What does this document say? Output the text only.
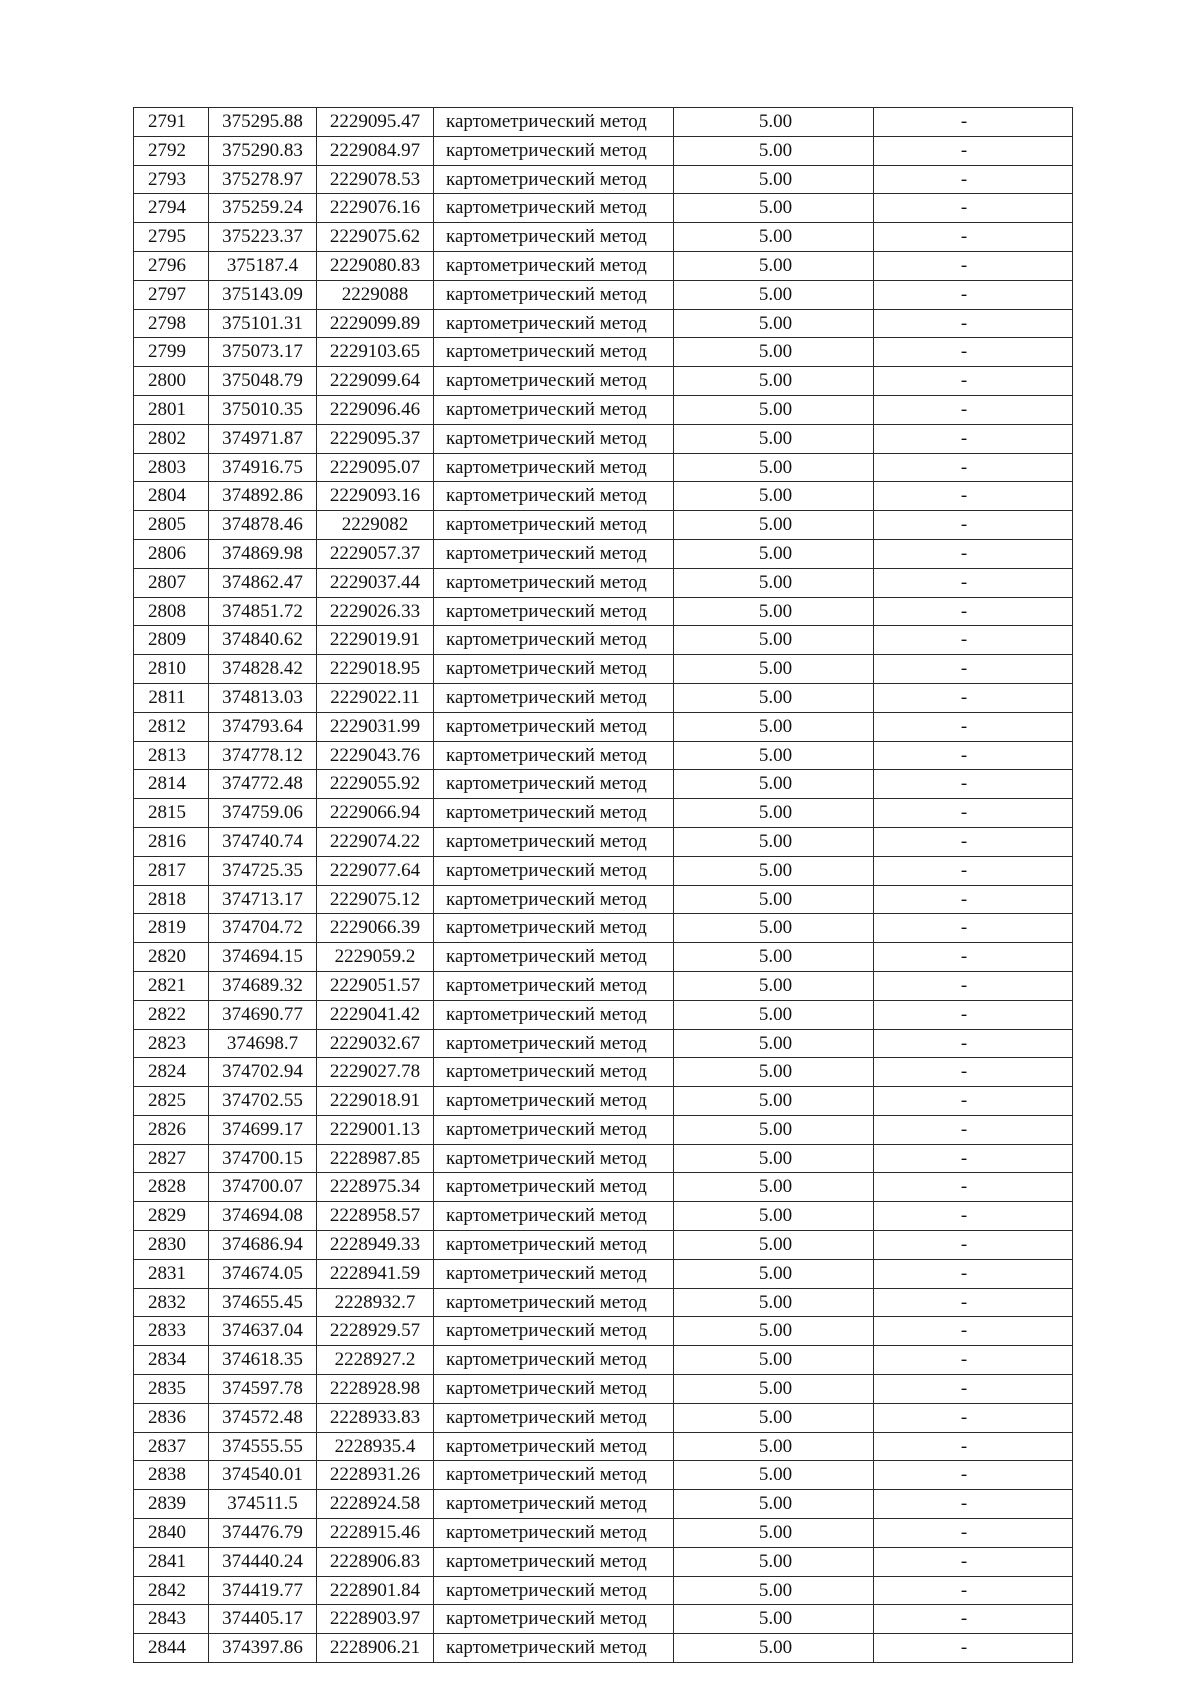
2791	375295.88	2229095.47	картометрический метод	5.00	-
2792	375290.83	2229084.97	картометрический метод	5.00	-
2793	375278.97	2229078.53	картометрический метод	5.00	-
2794	375259.24	2229076.16	картометрический метод	5.00	-
2795	375223.37	2229075.62	картометрический метод	5.00	-
2796	375187.4	2229080.83	картометрический метод	5.00	-
2797	375143.09	2229088	картометрический метод	5.00	-
2798	375101.31	2229099.89	картометрический метод	5.00	-
2799	375073.17	2229103.65	картометрический метод	5.00	-
2800	375048.79	2229099.64	картометрический метод	5.00	-
2801	375010.35	2229096.46	картометрический метод	5.00	-
2802	374971.87	2229095.37	картометрический метод	5.00	-
2803	374916.75	2229095.07	картометрический метод	5.00	-
2804	374892.86	2229093.16	картометрический метод	5.00	-
2805	374878.46	2229082	картометрический метод	5.00	-
2806	374869.98	2229057.37	картометрический метод	5.00	-
2807	374862.47	2229037.44	картометрический метод	5.00	-
2808	374851.72	2229026.33	картометрический метод	5.00	-
2809	374840.62	2229019.91	картометрический метод	5.00	-
2810	374828.42	2229018.95	картометрический метод	5.00	-
2811	374813.03	2229022.11	картометрический метод	5.00	-
2812	374793.64	2229031.99	картометрический метод	5.00	-
2813	374778.12	2229043.76	картометрический метод	5.00	-
2814	374772.48	2229055.92	картометрический метод	5.00	-
2815	374759.06	2229066.94	картометрический метод	5.00	-
2816	374740.74	2229074.22	картометрический метод	5.00	-
2817	374725.35	2229077.64	картометрический метод	5.00	-
2818	374713.17	2229075.12	картометрический метод	5.00	-
2819	374704.72	2229066.39	картометрический метод	5.00	-
2820	374694.15	2229059.2	картометрический метод	5.00	-
2821	374689.32	2229051.57	картометрический метод	5.00	-
2822	374690.77	2229041.42	картометрический метод	5.00	-
2823	374698.7	2229032.67	картометрический метод	5.00	-
2824	374702.94	2229027.78	картометрический метод	5.00	-
2825	374702.55	2229018.91	картометрический метод	5.00	-
2826	374699.17	2229001.13	картометрический метод	5.00	-
2827	374700.15	2228987.85	картометрический метод	5.00	-
2828	374700.07	2228975.34	картометрический метод	5.00	-
2829	374694.08	2228958.57	картометрический метод	5.00	-
2830	374686.94	2228949.33	картометрический метод	5.00	-
2831	374674.05	2228941.59	картометрический метод	5.00	-
2832	374655.45	2228932.7	картометрический метод	5.00	-
2833	374637.04	2228929.57	картометрический метод	5.00	-
2834	374618.35	2228927.2	картометрический метод	5.00	-
2835	374597.78	2228928.98	картометрический метод	5.00	-
2836	374572.48	2228933.83	картометрический метод	5.00	-
2837	374555.55	2228935.4	картометрический метод	5.00	-
2838	374540.01	2228931.26	картометрический метод	5.00	-
2839	374511.5	2228924.58	картометрический метод	5.00	-
2840	374476.79	2228915.46	картометрический метод	5.00	-
2841	374440.24	2228906.83	картометрический метод	5.00	-
2842	374419.77	2228901.84	картометрический метод	5.00	-
2843	374405.17	2228903.97	картометрический метод	5.00	-
2844	374397.86	2228906.21	картометрический метод	5.00	-
